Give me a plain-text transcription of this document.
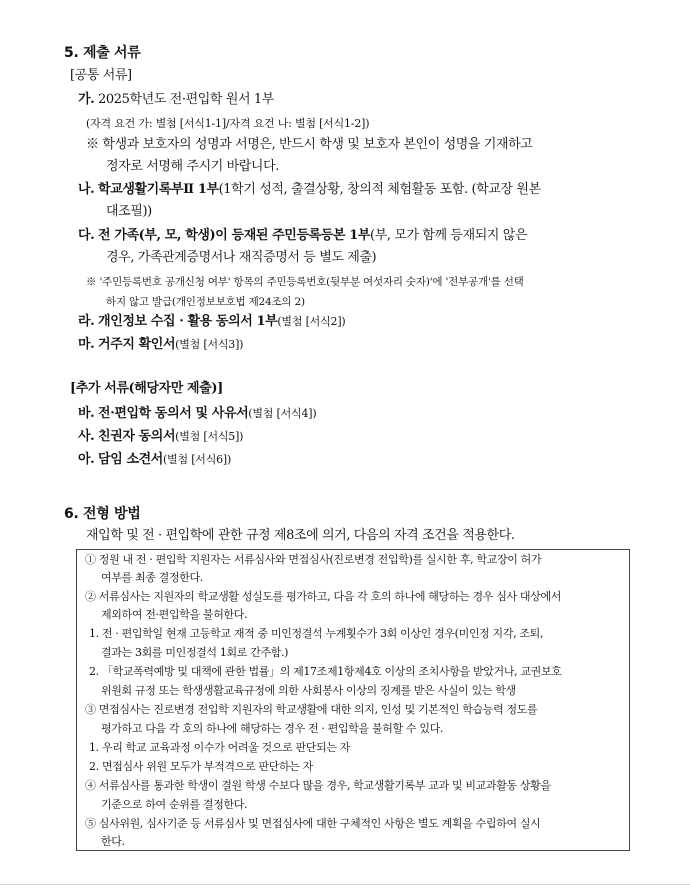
5. 제출 서류
[공통 서류]
가. 2025학년도 전·편입학 원서 1부
(자격 요건 가: 별첨 [서식1-1]/자격 요건 나: 별첨 [서식1-2])
※ 학생과 보호자의 성명과 서명은, 반드시 학생 및 보호자 본인이 성명을 기재하고
정자로 서명해 주시기 바랍니다.
나. 학교생활기록부Ⅱ 1부(1학기 성적, 출결상황, 창의적 체험활동 포함. (학교장 원본
대조필))
다. 전 가족(부, 모, 학생)이 등재된 주민등록등본 1부(부, 모가 함께 등재되지 않은
경우, 가족관계증명서나 재직증명서 등 별도 제출)
※ '주민등록번호 공개신청 여부' 항목의 주민등록번호(뒷부분 여섯자리 숫자)'에 '전부공개'를 선택
하지 않고 발급(개인정보보호법 제24조의 2)
라. 개인정보 수집 · 활용 동의서 1부(별첨 [서식2])
마. 거주지 확인서(별첨 [서식3])
[추가 서류(해당자만 제출)]
바. 전·편입학 동의서 및 사유서(별첨 [서식4])
사. 친권자 동의서(별첨 [서식5])
아. 담임 소견서(별첨 [서식6])
6. 전형 방법
재입학 및 전 · 편입학에 관한 규정 제8조에 의거, 다음의 자격 조건을 적용한다.
① 정원 내 전 · 편입학 지원자는 서류심사와 면접심사(진로변경 전입학)를 실시한 후, 학교장이 허가
여부를 최종 결정한다.
② 서류심사는 지원자의 학교생활 성실도를 평가하고, 다음 각 호의 하나에 해당하는 경우 심사 대상에서
제외하여 전·편입학을 불허한다.
1. 전 · 편입학일 현재 고등학교 재적 중 미인정결석 누계횟수가 3회 이상인 경우(미인정 지각, 조퇴,
결과는 3회를 미인정결석 1회로 간주함.)
2. 「학교폭력예방 및 대책에 관한 법률」의 제17조제1항제4호 이상의 조치사항을 받았거나, 교권보호
위원회 규정 또는 학생생활교육규정에 의한 사회봉사 이상의 징계를 받은 사실이 있는 학생
③ 면접심사는 진로변경 전입학 지원자의 학교생활에 대한 의지, 인성 및 기본적인 학습능력 정도를
평가하고 다음 각 호의 하나에 해당하는 경우 전 · 편입학을 불허할 수 있다.
1. 우리 학교 교육과정 이수가 어려울 것으로 판단되는 자
2. 면접심사 위원 모두가 부적격으로 판단하는 자
④ 서류심사를 통과한 학생이 결원 학생 수보다 많을 경우, 학교생활기록부 교과 및 비교과활동 상황을
기준으로 하여 순위를 결정한다.
⑤ 심사위원, 심사기준 등 서류심사 및 면접심사에 대한 구체적인 사항은 별도 계획을 수립하여 실시
한다.
